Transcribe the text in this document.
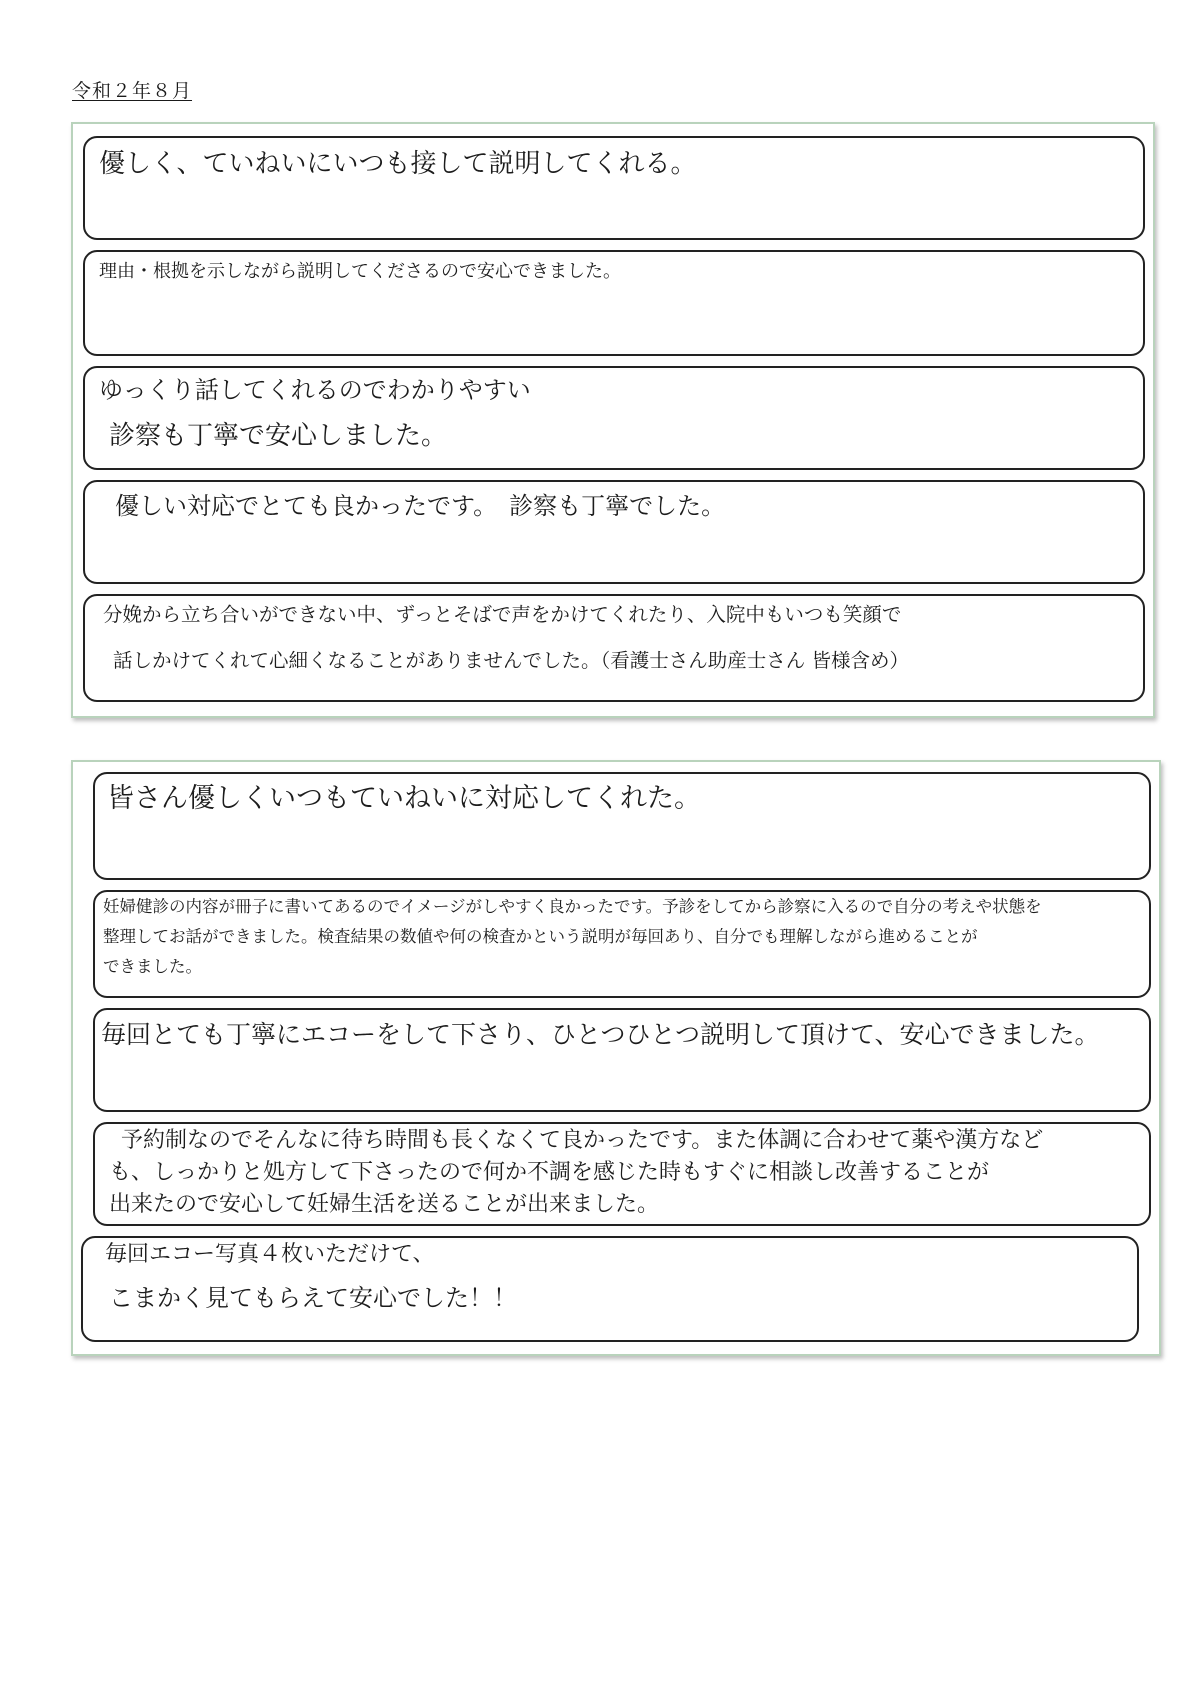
令和２年８月
優しく、ていねいにいつも接して説明してくれる。
理由・根拠を示しながら説明してくださるので安心できました。
ゆっくり話してくれるのでわかりやすい
診察も丁寧で安心しました。
優しい対応でとても良かったです。　診察も丁寧でした。
分娩から立ち合いができない中、ずっとそばで声をかけてくれたり、入院中もいつも笑顔で
話しかけてくれて心細くなることがありませんでした。（看護士さん助産士さん 皆様含め）
皆さん優しくいつもていねいに対応してくれた。
妊婦健診の内容が冊子に書いてあるのでイメージがしやすく良かったです。予診をしてから診察に入るので自分の考えや状態を
整理してお話ができました。検査結果の数値や何の検査かという説明が毎回あり、自分でも理解しながら進めることが
できました。
毎回とても丁寧にエコーをして下さり、ひとつひとつ説明して頂けて、安心できました。
予約制なのでそんなに待ち時間も長くなくて良かったです。また体調に合わせて薬や漢方など
も、しっかりと処方して下さったので何か不調を感じた時もすぐに相談し改善することが
出来たので安心して妊婦生活を送ることが出来ました。
毎回エコー写真４枚いただけて、
こまかく見てもらえて安心でした！！
